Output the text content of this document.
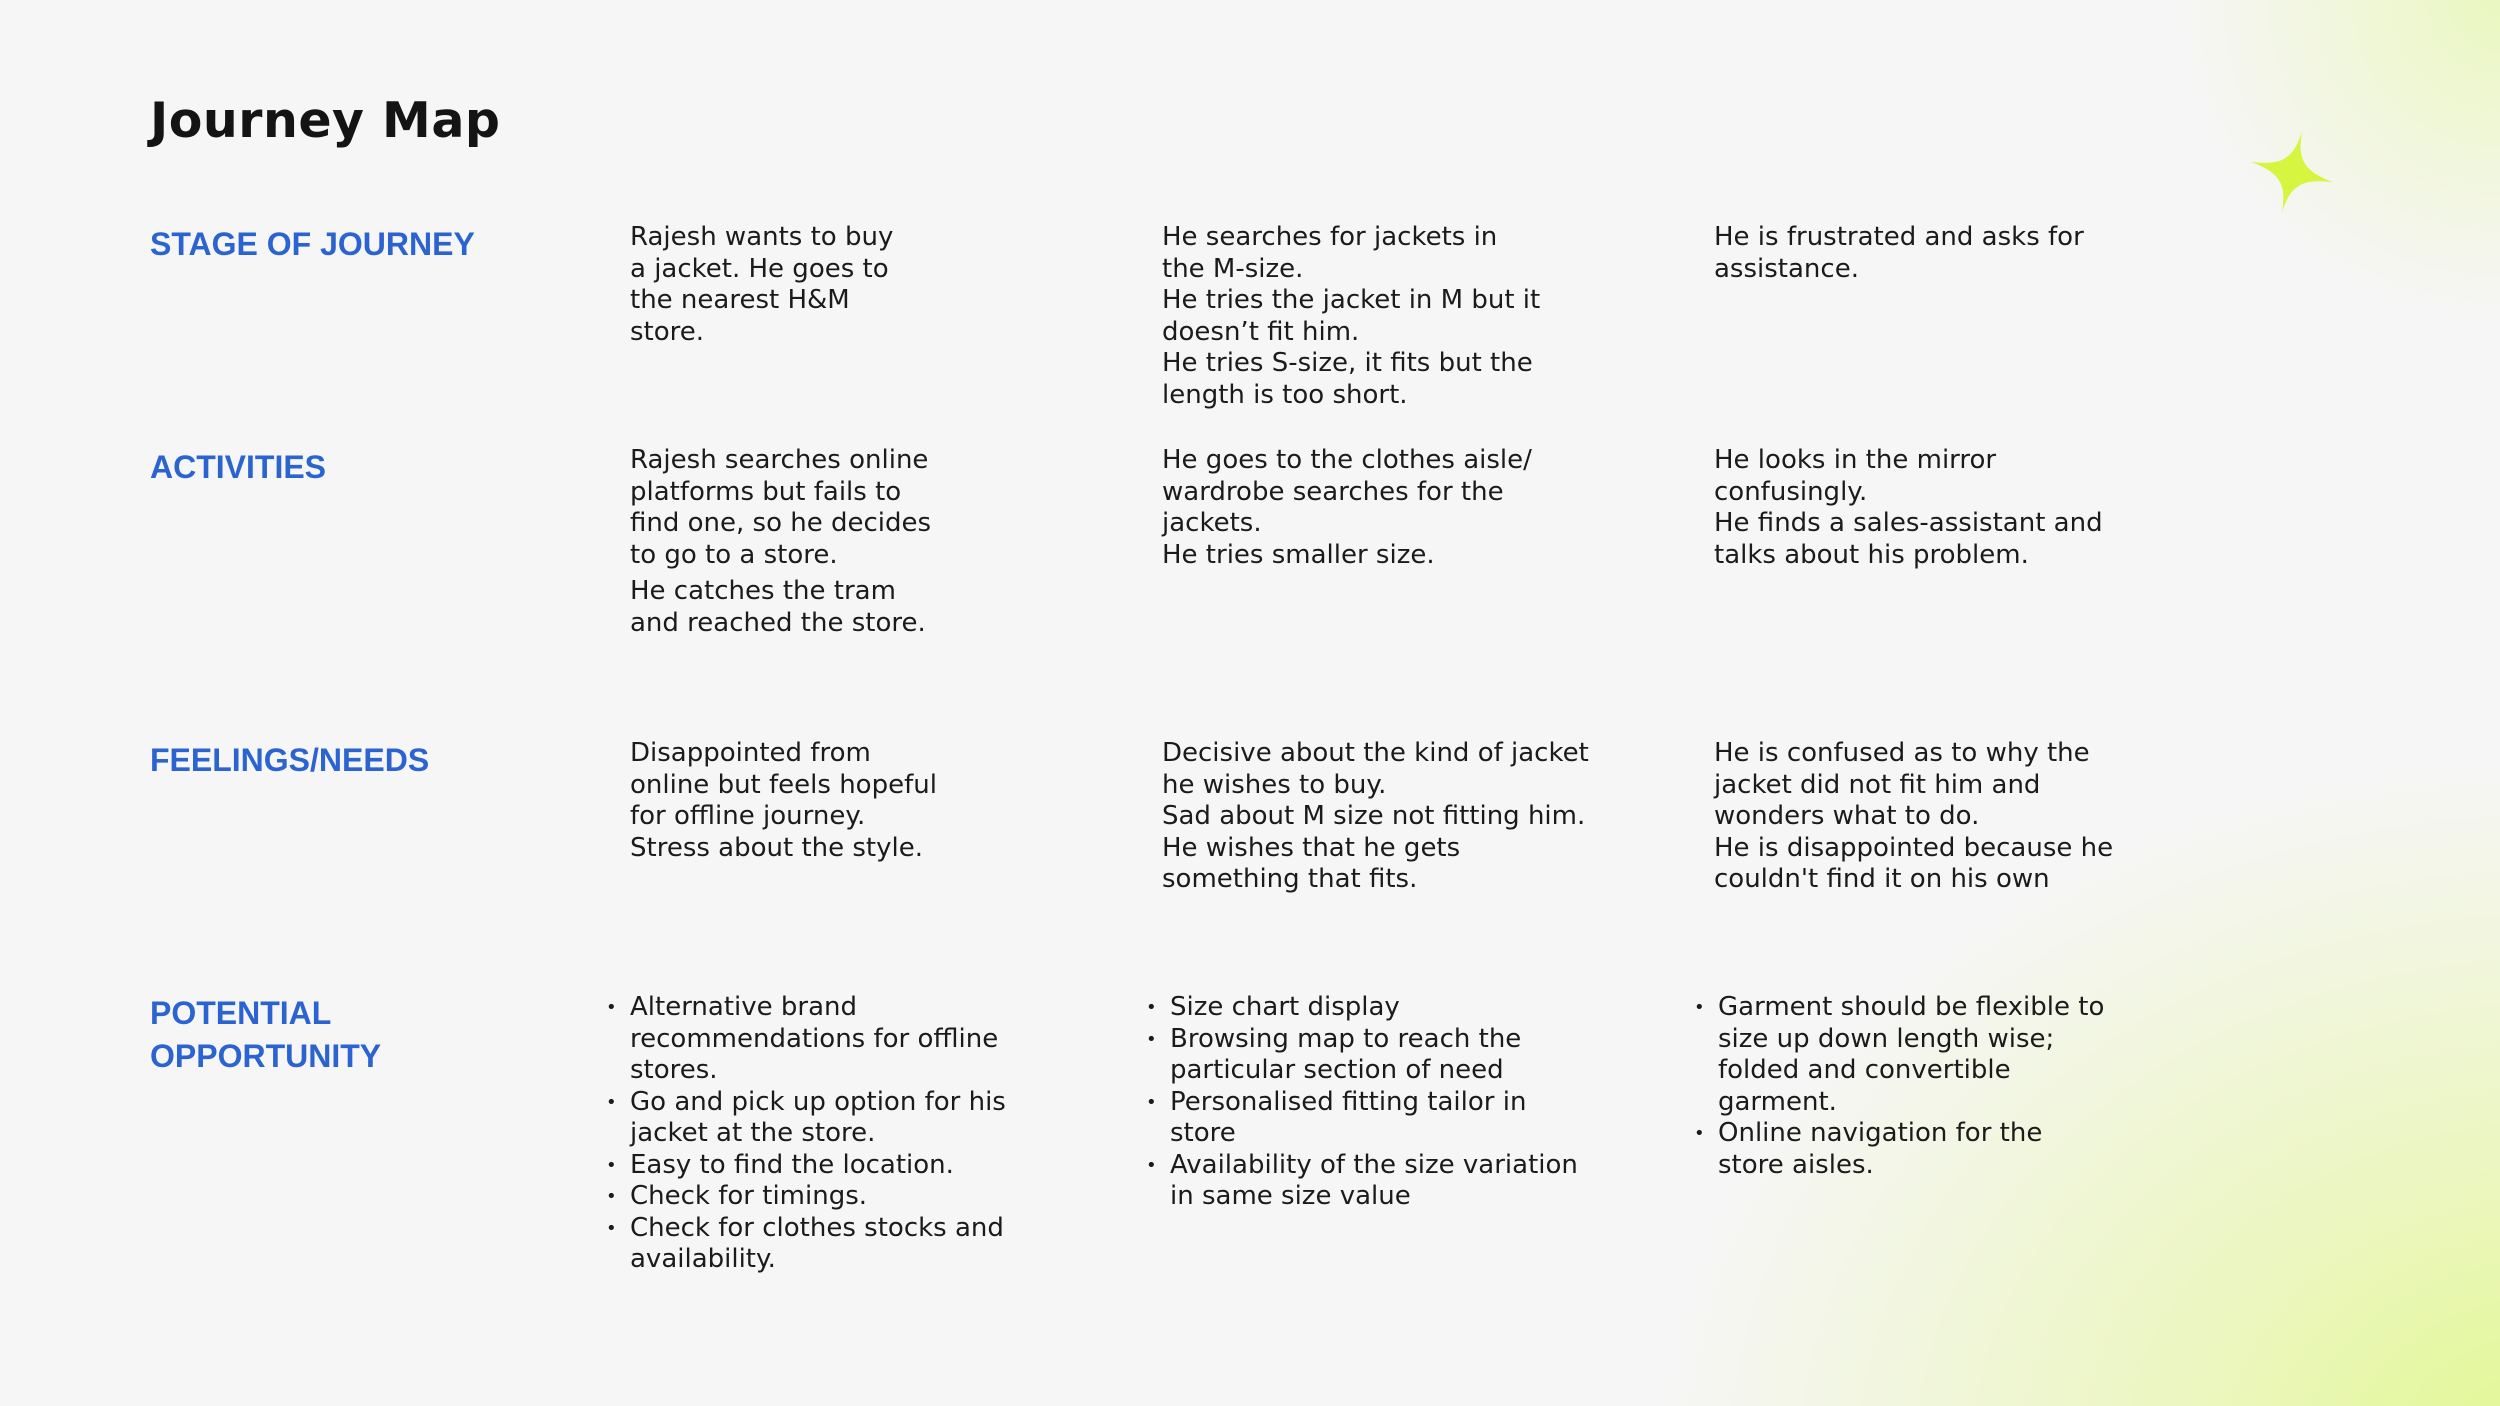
Journey Map
STAGE OF JOURNEY
ACTIVITIES
FEELINGS/NEEDS
POTENTIAL
OPPORTUNITY

Rajesh wants to buy

a jacket. He goes to

the nearest H&M

store.

He searches for jackets in

the M-size.

He tries the jacket in M but it

doesn’t fit him.

He tries S-size, it fits but the

length is too short.

He is frustrated and asks for

assistance.

Rajesh searches online

platforms but fails to

find one, so he decides

to go to a store.

He catches the tram

and reached the store.

He goes to the clothes aisle/

wardrobe searches for the

jackets.

He tries smaller size.

He looks in the mirror

confusingly.

He finds a sales-assistant and

talks about his problem.

Disappointed from

online but feels hopeful

for offline journey.

Stress about the style.

Decisive about the kind of jacket

he wishes to buy.

Sad about M size not fitting him.

He wishes that he gets

something that fits.

He is confused as to why the

jacket did not fit him and

wonders what to do.

He is disappointed because he

couldn't find it on his own

• Alternative brand

recommendations for offline

stores.

• Go and pick up option for his

jacket at the store.

• Easy to find the location.

• Check for timings.

• Check for clothes stocks and

availability.

• Size chart display

• Browsing map to reach the

particular section of need

• Personalised fitting tailor in

store

• Availability of the size variation

in same size value

• Garment should be flexible to

size up down length wise;

folded and convertible

garment.

• Online navigation for the

store aisles.
